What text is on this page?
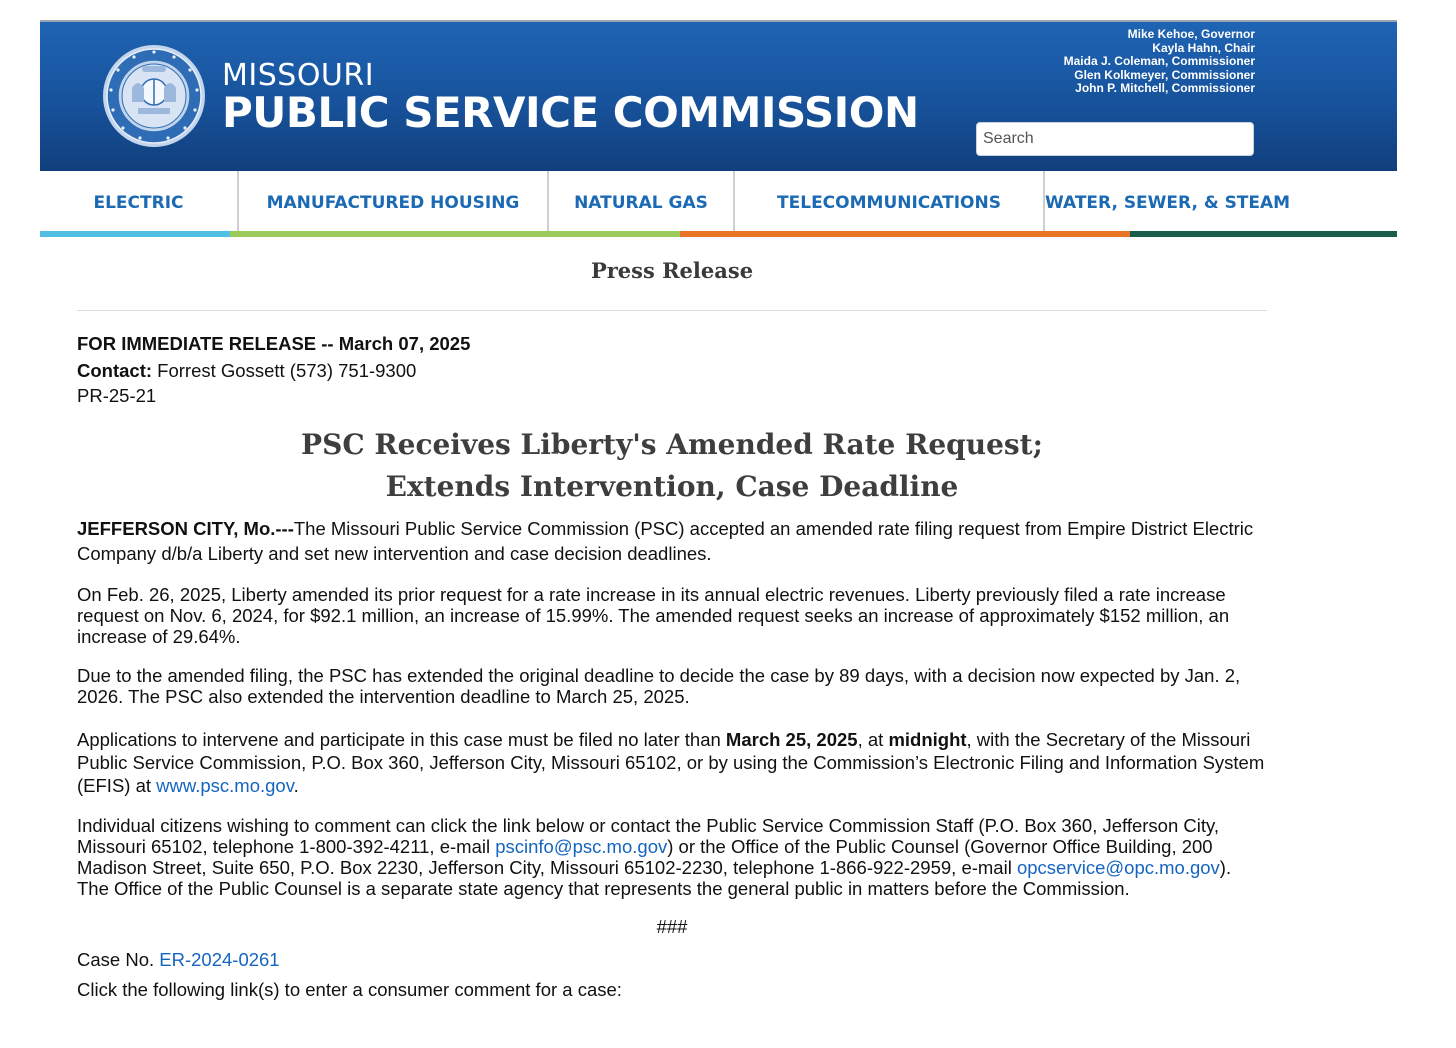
MISSOURI
PUBLIC SERVICE COMMISSION
Mike Kehoe, Governor
Kayla Hahn, Chair
Maida J. Coleman, Commissioner
Glen Kolkmeyer, Commissioner
John P. Mitchell, Commissioner
Search
ELECTRIC	MANUFACTURED HOUSING	NATURAL GAS	TELECOMMUNICATIONS	WATER, SEWER, & STEAM
Press Release
FOR IMMEDIATE RELEASE -- March 07, 2025
Contact: Forrest Gossett (573) 751-9300
PR-25-21
PSC Receives Liberty's Amended Rate Request;
Extends Intervention, Case Deadline

JEFFERSON CITY, Mo.---The Missouri Public Service Commission (PSC) accepted an amended rate filing request from Empire District Electric Company d/b/a Liberty and set new intervention and case decision deadlines.

On Feb. 26, 2025, Liberty amended its prior request for a rate increase in its annual electric revenues. Liberty previously filed a rate increase request on Nov. 6, 2024, for $92.1 million, an increase of 15.99%. The amended request seeks an increase of approximately $152 million, an increase of 29.64%.

Due to the amended filing, the PSC has extended the original deadline to decide the case by 89 days, with a decision now expected by Jan. 2, 2026. The PSC also extended the intervention deadline to March 25, 2025.

Applications to intervene and participate in this case must be filed no later than March 25, 2025, at midnight, with the Secretary of the Missouri Public Service Commission, P.O. Box 360, Jefferson City, Missouri 65102, or by using the Commission’s Electronic Filing and Information System (EFIS) at www.psc.mo.gov.

Individual citizens wishing to comment can click the link below or contact the Public Service Commission Staff (P.O. Box 360, Jefferson City, Missouri 65102, telephone 1-800-392-4211, e-mail pscinfo@psc.mo.gov) or the Office of the Public Counsel (Governor Office Building, 200 Madison Street, Suite 650, P.O. Box 2230, Jefferson City, Missouri 65102-2230, telephone 1-866-922-2959, e-mail opcservice@opc.mo.gov). The Office of the Public Counsel is a separate state agency that represents the general public in matters before the Commission.

###
Case No. ER-2024-0261
Click the following link(s) to enter a consumer comment for a case:
